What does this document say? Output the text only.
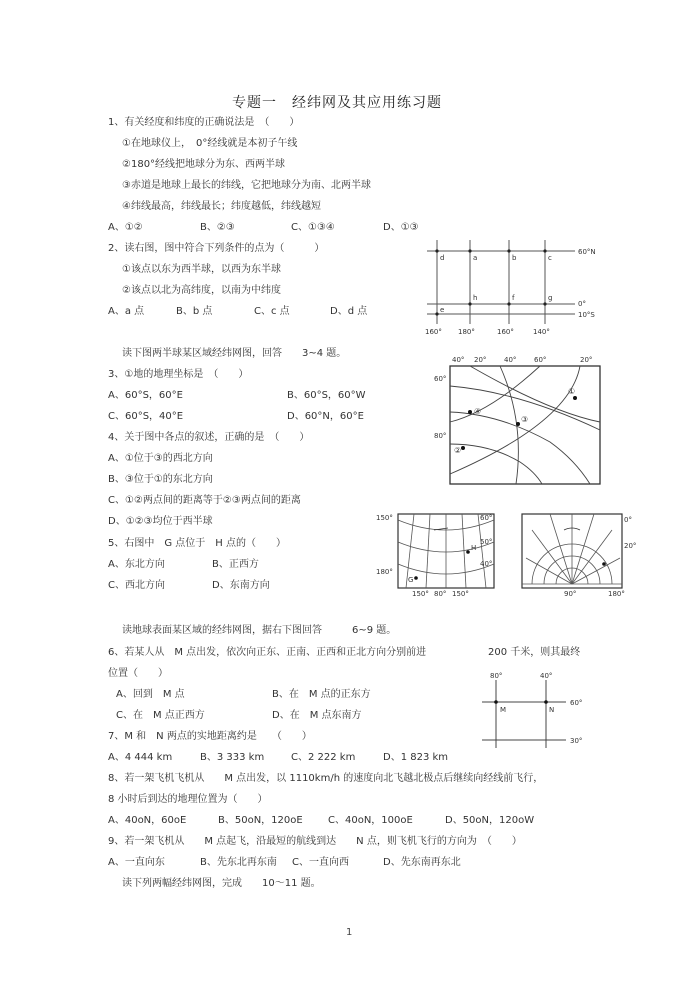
专题一　经纬网及其应用练习题
1、有关经度和纬度的正确说法是　（　　）
①在地球仪上，　0°经线就是本初子午线
②180°经线把地球分为东、西两半球
③赤道是地球上最长的纬线，它把地球分为南、北两半球
④纬线最高，纬线最长；纬度越低，纬线越短
A、①②	B、②③	C、①③④	D、①③
2、读右图，图中符合下列条件的点为（　　　）
①该点以东为西半球，以西为东半球
②该点以北为高纬度，以南为中纬度
A、a 点	B、b 点	C、c 点	D、d 点
d	a	b	c
e
h	f	g
60°N
0°
10°S
160° 180°	160°	140°
读下图两半球某区域经纬网图，回答　　3~4 题。
3、①地的地理坐标是　（　　）
A、60°S，60°E	B、60°S，60°W
C、60°S，40°E	D、60°N，60°E
①
②
③
④
40° 20°	40°	60°	20°
60°
80°
4、关于图中各点的叙述，正确的是　（　　）
A、①位于③的西北方向
B、③位于①的东北方向
C、①②两点间的距离等于②③两点间的距离
D、①②③均位于西半球
5、右图中　G 点位于　H 点的（　　）
A、东北方向	B、正西方
C、西北方向	D、东南方向	G
H
150°
180°
60°
50°
40°
150° 80° 150°
0°
20°
90°	180°
读地球表面某区域的经纬网图，据右下图回答　　　6~9 题。
6、若某人从　M 点出发，依次向正东、正南、正西和正北方向分别前进	200 千米，则其最终
位置（　　）
A、回到　M 点	B、在　M 点的正东方
C、在　M 点正西方	D、在　M 点东南方
80°	40°
60°
30°
M	N
7、M 和　N 两点的实地距离约是　　（　　）
A、4 444 km	B、3 333 km	C、2 222 km	D、1 823 km
8、若一架飞机飞机从　　M 点出发，以 1110km/h 的速度向北飞越北极点后继续向经线前飞行，
8 小时后到达的地理位置为（　　）
A、40oN，60oE	B、50oN，120oE	C、40oN，100oE	D、50oN，120oW
9、若一架飞机从　　M 点起飞，沿最短的航线到达　　N 点，则飞机飞行的方向为　（　　）
A、一直向东	B、先东北再东南 C、一直向西	D、先东南再东北
读下列两幅经纬网图，完成　　10～11 题。
1
